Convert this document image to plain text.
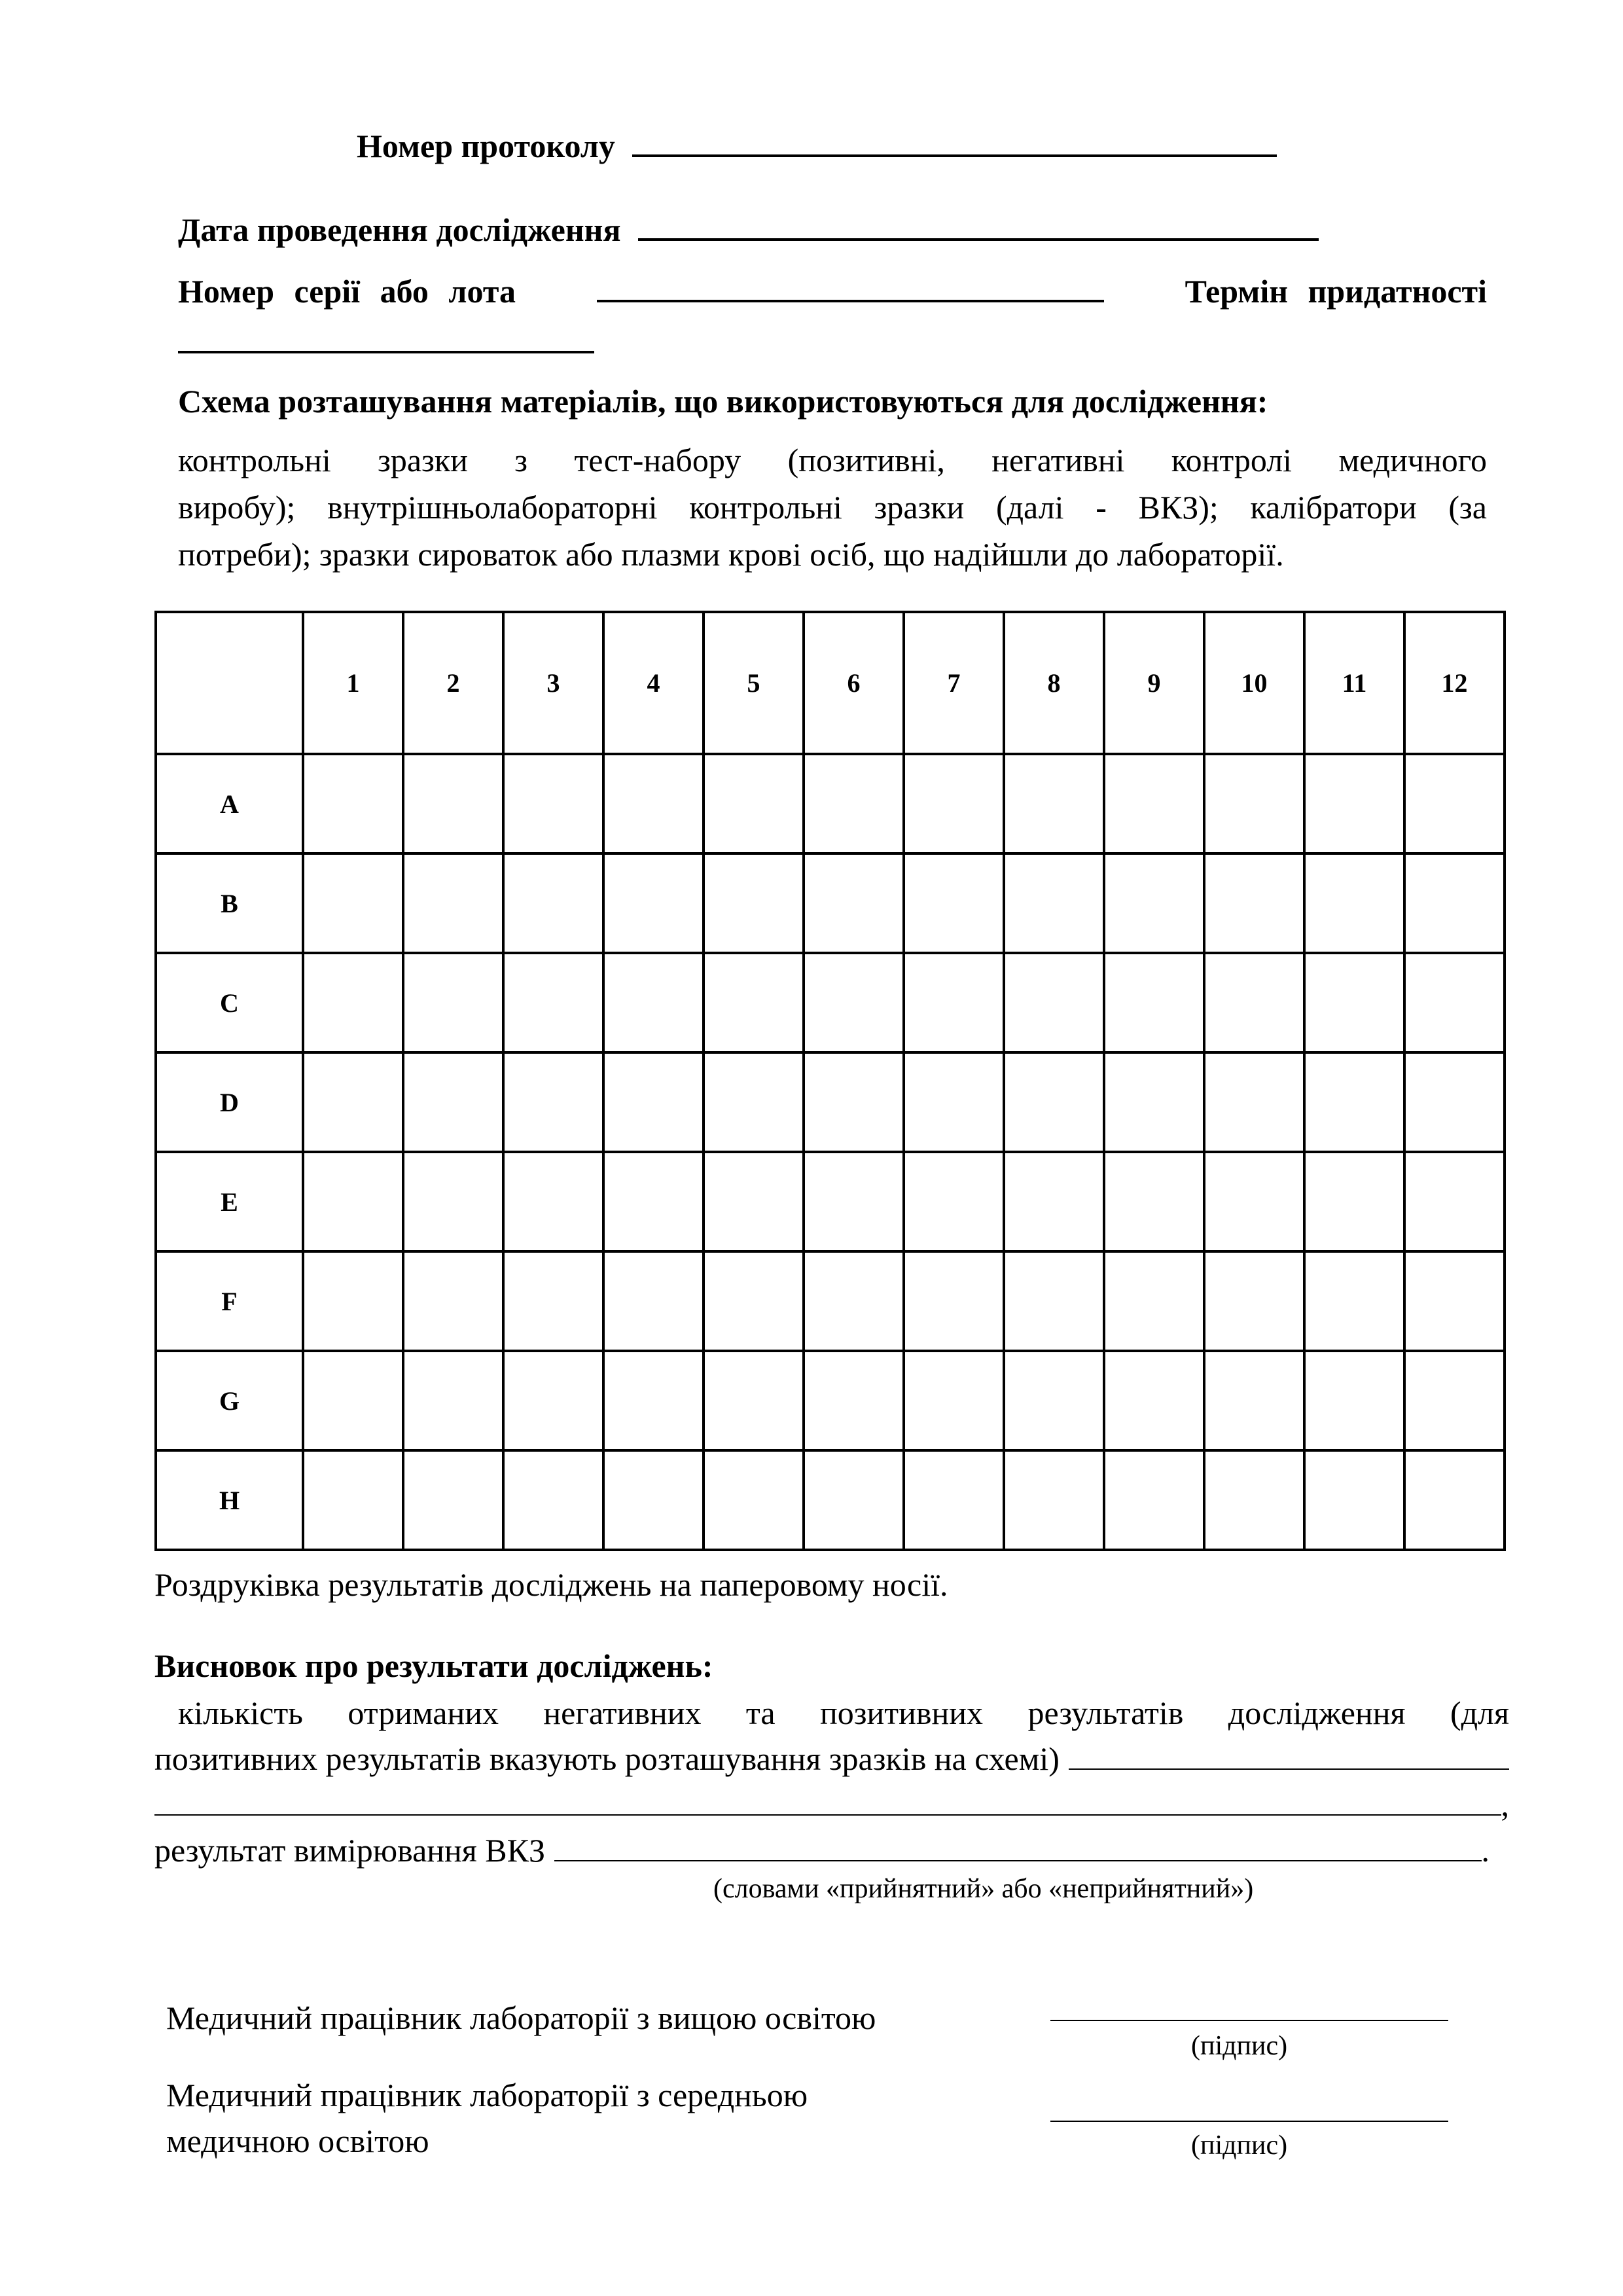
Номер протоколу
Дата проведення дослідження
Номер серії або лота	Термін придатності
Схема розташування матеріалів, що використовуються для дослідження:
контрольні зразки з тест-набору (позитивні, негативні контролі медичного
виробу); внутрішньолабораторні контрольні зразки (далі - ВКЗ); калібратори (за
потреби); зразки сироваток або плазми крові осіб, що надійшли до лабораторії.
	1	2	3	4	5	6	7	8	9	10	11	12
A												
B												
C												
D												
E												
F												
G												
H												
Роздруківка результатів досліджень на паперовому носії.
Висновок про результати досліджень:
кількість отриманих негативних та позитивних результатів дослідження (для
позитивних результатів вказують розташування зразків на схемі)
,
результат вимірювання ВКЗ	.
(словами «прийнятний» або «неприйнятний»)
Медичний працівник лабораторії з вищою освітою
(підпис)
Медичний працівник лабораторії з середньою
медичною освітою	(підпис)
